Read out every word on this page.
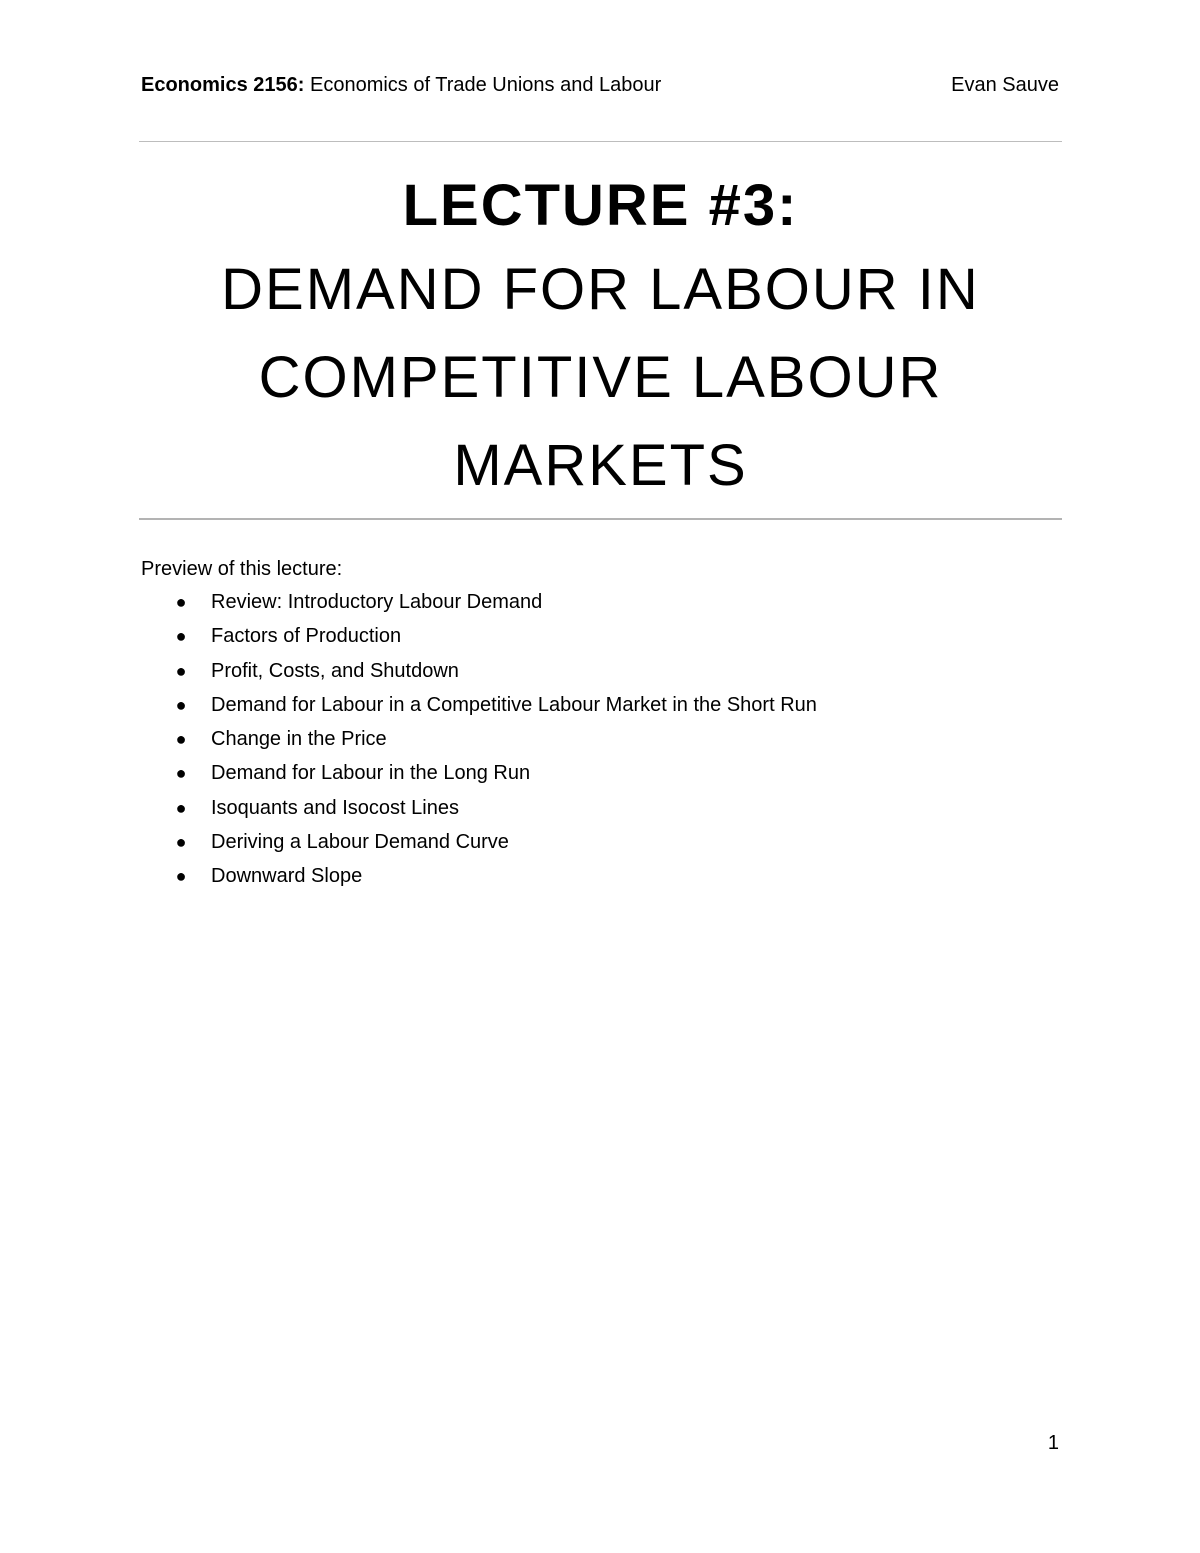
Economics 2156: Economics of Trade Unions and Labour	Evan Sauve
LECTURE #3:
DEMAND FOR LABOUR IN
COMPETITIVE LABOUR
MARKETS
Preview of this lecture:
● Review: Introductory Labour Demand
● Factors of Production
● Profit, Costs, and Shutdown
● Demand for Labour in a Competitive Labour Market in the Short Run
● Change in the Price
● Demand for Labour in the Long Run
● Isoquants and Isocost Lines
● Deriving a Labour Demand Curve
● Downward Slope
1
